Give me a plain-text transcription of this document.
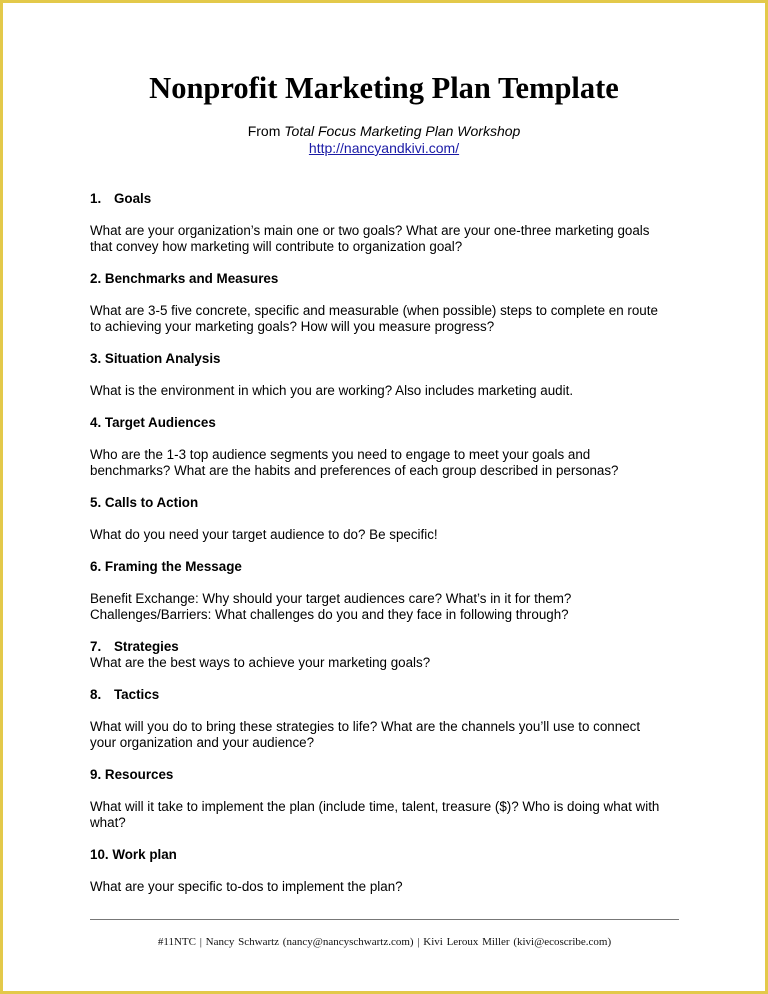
Nonprofit Marketing Plan Template
From Total Focus Marketing Plan Workshop
http://nancyandkivi.com/
1. Goals
What are your organization’s main one or two goals? What are your one-three marketing goals
that convey how marketing will contribute to organization goal?
2. Benchmarks and Measures
What are 3-5 five concrete, specific and measurable (when possible) steps to complete en route
to achieving your marketing goals? How will you measure progress?
3. Situation Analysis
What is the environment in which you are working? Also includes marketing audit.
4. Target Audiences
Who are the 1-3 top audience segments you need to engage to meet your goals and
benchmarks? What are the habits and preferences of each group described in personas?
5. Calls to Action
What do you need your target audience to do? Be specific!
6. Framing the Message
Benefit Exchange: Why should your target audiences care? What’s in it for them?
Challenges/Barriers: What challenges do you and they face in following through?
7. Strategies
What are the best ways to achieve your marketing goals?
8. Tactics
What will you do to bring these strategies to life? What are the channels you’ll use to connect
your organization and your audience?
9. Resources
What will it take to implement the plan (include time, talent, treasure ($)? Who is doing what with
what?
10. Work plan
What are your specific to-dos to implement the plan?
#11NTC | Nancy Schwartz (nancy@nancyschwartz.com) | Kivi Leroux Miller (kivi@ecoscribe.com)
